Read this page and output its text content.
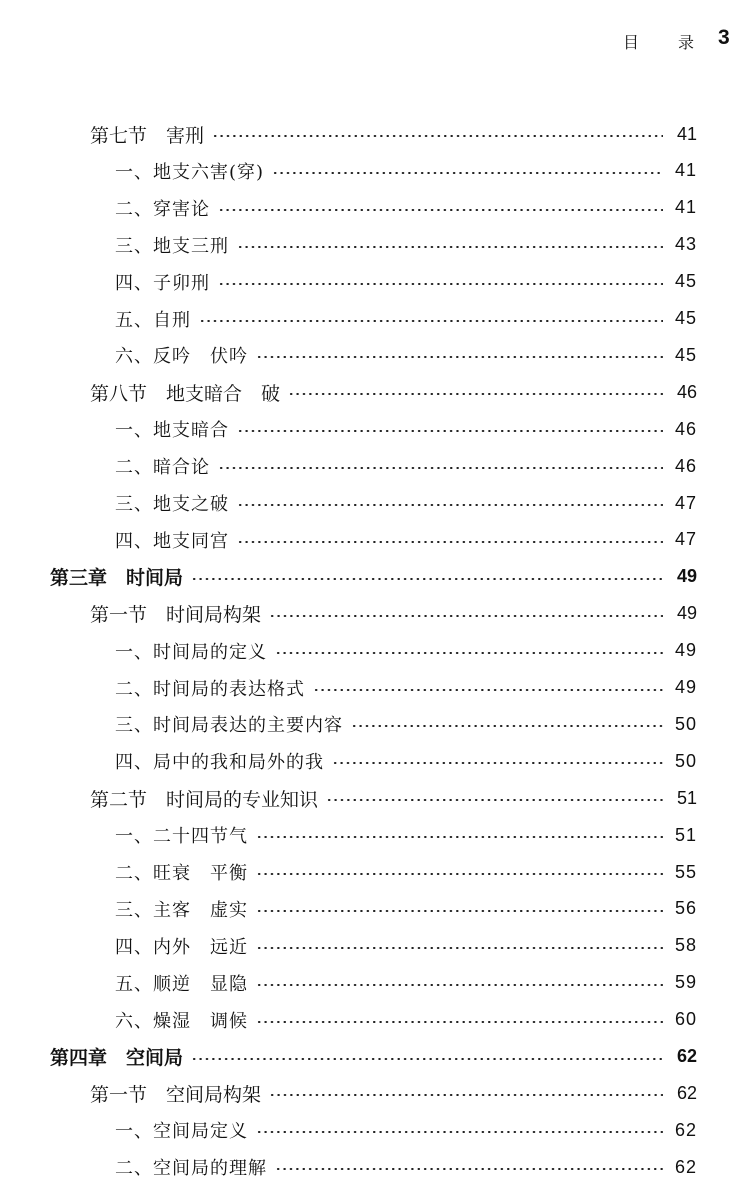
目 录 3
第七节　害刑	41
一、地支六害(穿)	41
二、穿害论	41
三、地支三刑	43
四、子卯刑	45
五、自刑	45
六、反吟　伏吟	45
第八节　地支暗合　破	46
一、地支暗合	46
二、暗合论	46
三、地支之破	47
四、地支同宫	47
第三章　时间局	49
第一节　时间局构架	49
一、时间局的定义	49
二、时间局的表达格式	49
三、时间局表达的主要内容	50
四、局中的我和局外的我	50
第二节　时间局的专业知识	51
一、二十四节气	51
二、旺衰　平衡	55
三、主客　虚实	56
四、内外　远近	58
五、顺逆　显隐	59
六、燥湿　调候	60
第四章　空间局	62
第一节　空间局构架	62
一、空间局定义	62
二、空间局的理解	62
